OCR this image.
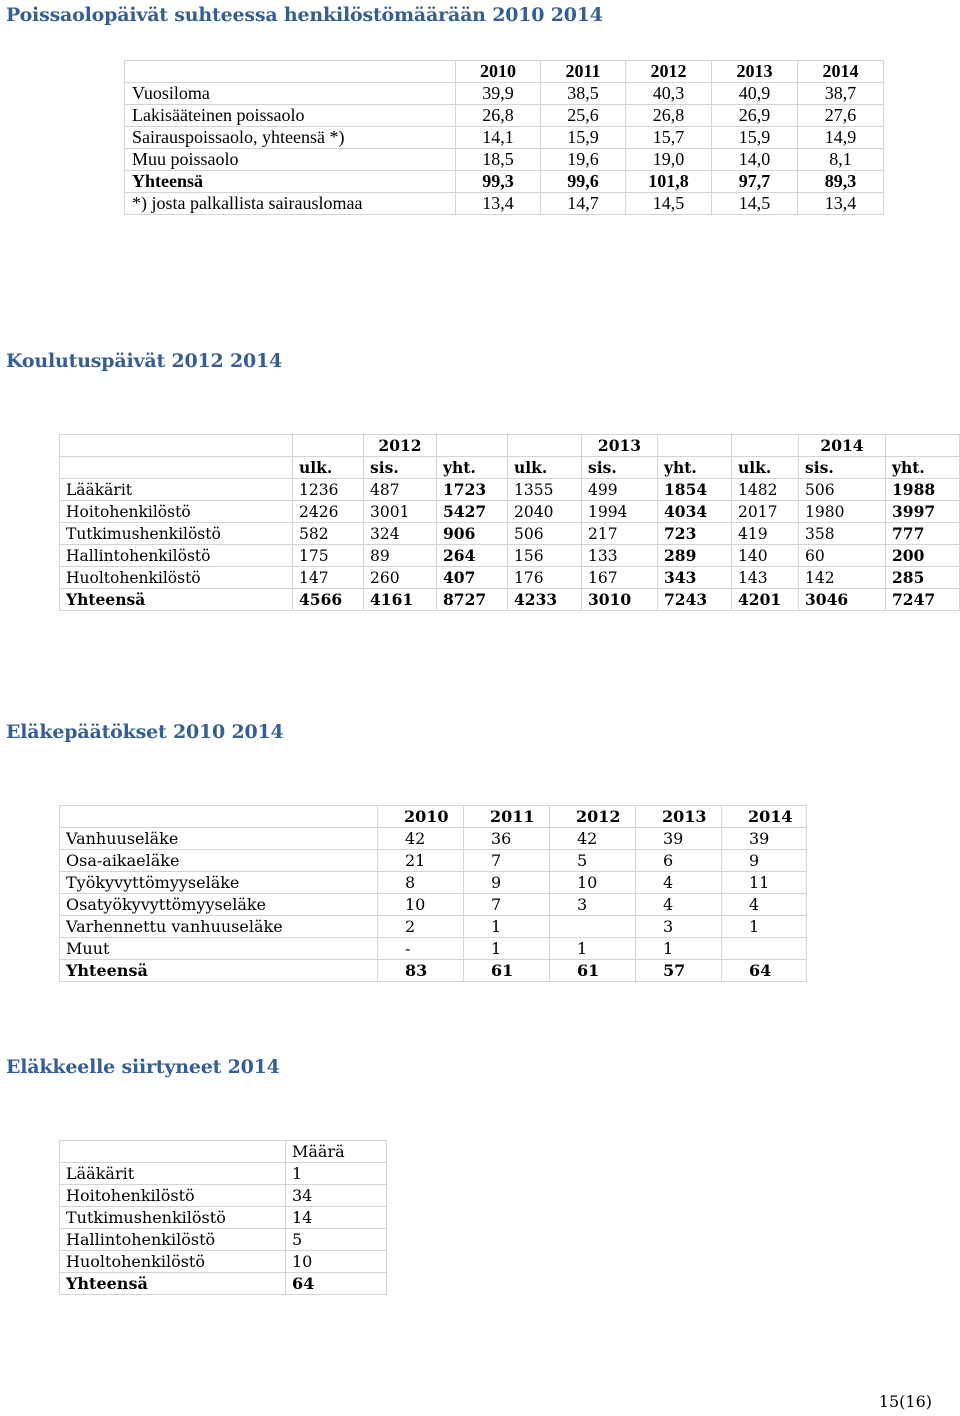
Poissaolopäivät suhteessa henkilöstömäärään 2010 2014
	2010	2011	2012	2013	2014
Vuosiloma	39,9	38,5	40,3	40,9	38,7
Lakisääteinen poissaolo	26,8	25,6	26,8	26,9	27,6
Sairauspoissaolo, yhteensä *)	14,1	15,9	15,7	15,9	14,9
Muu poissaolo	18,5	19,6	19,0	14,0	8,1
Yhteensä	99,3	99,6	101,8	97,7	89,3
*) josta palkallista sairauslomaa	13,4	14,7	14,5	14,5	13,4
Koulutuspäivät 2012 2014
		2012			2013			2014	
	ulk.	sis.	yht.	ulk.	sis.	yht.	ulk.	sis.	yht.
Lääkärit	1236	487	1723	1355	499	1854	1482	506	1988
Hoitohenkilöstö	2426	3001	5427	2040	1994	4034	2017	1980	3997
Tutkimushenkilöstö	582	324	906	506	217	723	419	358	777
Hallintohenkilöstö	175	89	264	156	133	289	140	60	200
Huoltohenkilöstö	147	260	407	176	167	343	143	142	285
Yhteensä	4566	4161	8727	4233	3010	7243	4201	3046	7247
Eläkepäätökset 2010 2014
	2010	2011	2012	2013	2014
Vanhuuseläke	42	36	42	39	39
Osa-aikaeläke	21	7	5	6	9
Työkyvyttömyyseläke	8	9	10	4	11
Osatyökyvyttömyyseläke	10	7	3	4	4
Varhennettu vanhuuseläke	2	1		3	1
Muut	-	1	1	1	
Yhteensä	83	61	61	57	64
Eläkkeelle siirtyneet 2014
	Määrä
Lääkärit	1
Hoitohenkilöstö	34
Tutkimushenkilöstö	14
Hallintohenkilöstö	5
Huoltohenkilöstö	10
Yhteensä	64
15(16)
